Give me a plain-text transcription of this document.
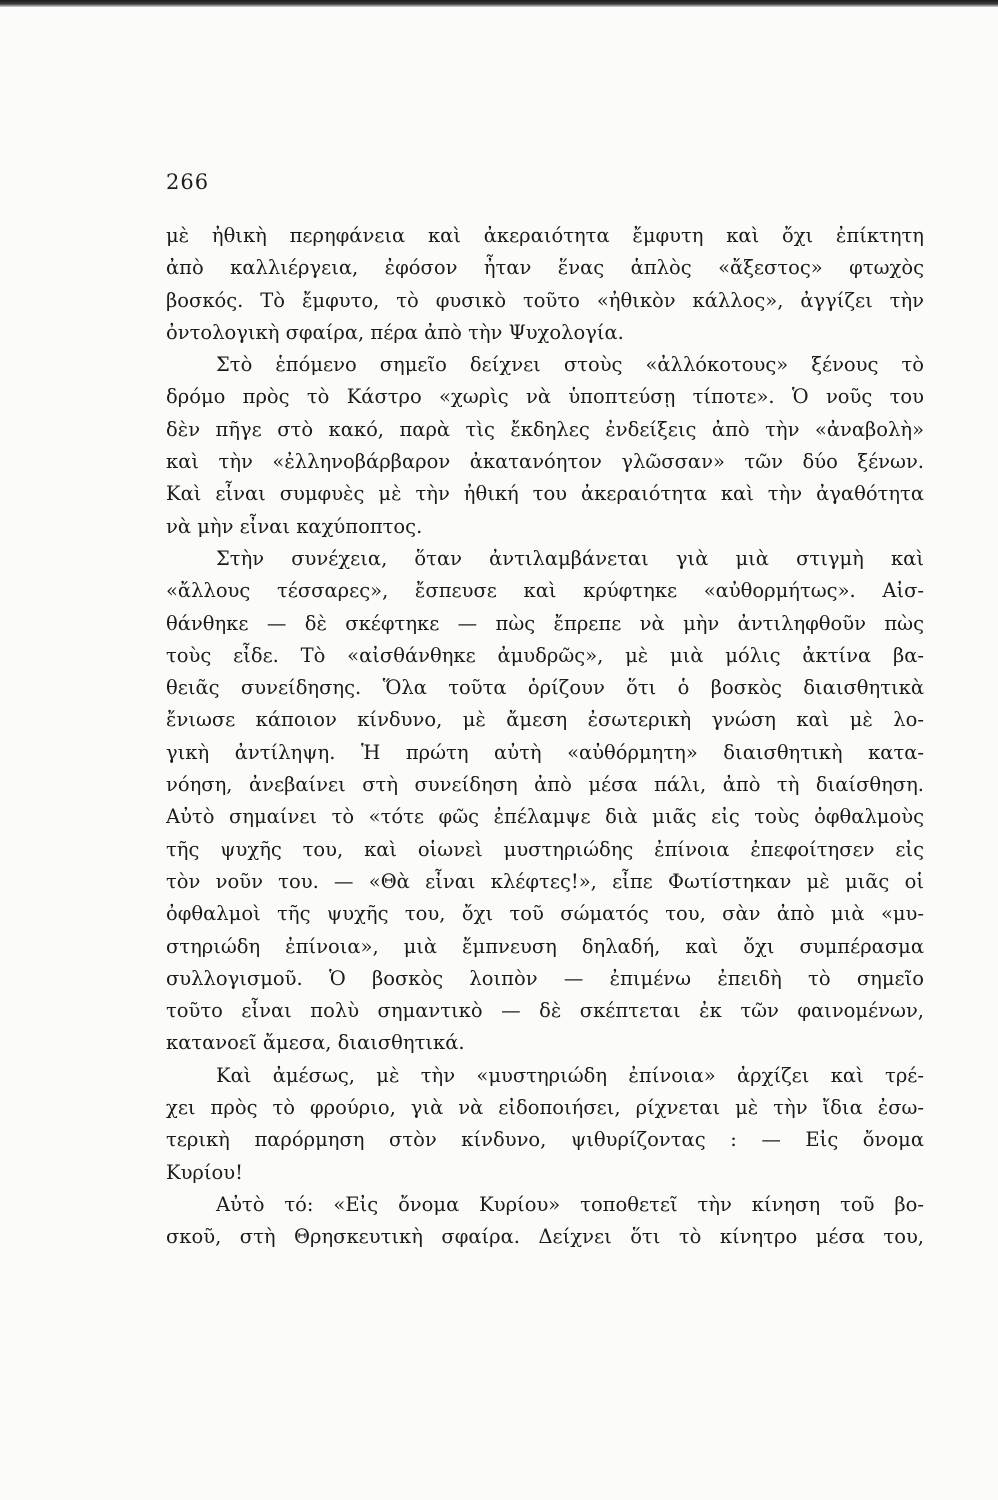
266
μὲ ἠθικὴ περηφάνεια καὶ ἀκεραιότητα ἔμφυτη καὶ ὄχι ἐπίκτητη
ἀπὸ καλλιέργεια, ἐφόσον ἦταν ἕνας ἁπλὸς «ἄξεστος» φτωχὸς
βοσκός. Τὸ ἔμφυτο, τὸ φυσικὸ τοῦτο «ἠθικὸν κάλλος», ἀγγίζει τὴν
ὀντολογικὴ σφαίρα, πέρα ἀπὸ τὴν Ψυχολογία.
Στὸ ἑπόμενο σημεῖο δείχνει στοὺς «ἀλλόκοτους» ξένους τὸ
δρόμο πρὸς τὸ Κάστρο «χωρὶς νὰ ὑποπτεύσῃ τίποτε». Ὁ νοῦς του
δὲν πῆγε στὸ κακό, παρὰ τὶς ἔκδηλες ἐνδείξεις ἀπὸ τὴν «ἀναβολὴ»
καὶ τὴν «ἐλληνοβάρβαρον ἀκατανόητον γλῶσσαν» τῶν δύο ξένων.
Καὶ εἶναι συμφυὲς μὲ τὴν ἠθική του ἀκεραιότητα καὶ τὴν ἀγαθότητα
νὰ μὴν εἶναι καχύποπτος.
Στὴν συνέχεια, ὅταν ἀντιλαμβάνεται γιὰ μιὰ στιγμὴ καὶ
«ἄλλους τέσσαρες», ἔσπευσε καὶ κρύφτηκε «αὐθορμήτως». Αἰσ-
θάνθηκε — δὲ σκέφτηκε — πὼς ἔπρεπε νὰ μὴν ἀντιληφθοῦν πὼς
τοὺς εἶδε. Τὸ «αἰσθάνθηκε ἀμυδρῶς», μὲ μιὰ μόλις ἀκτίνα βα-
θειᾶς συνείδησης. Ὅλα τοῦτα ὁρίζουν ὅτι ὁ βοσκὸς διαισθητικὰ
ἔνιωσε κάποιον κίνδυνο, μὲ ἄμεση ἐσωτερικὴ γνώση καὶ μὲ λο-
γικὴ ἀντίληψη. Ἡ πρώτη αὐτὴ «αὐθόρμητη» διαισθητικὴ κατα-
νόηση, ἀνεβαίνει στὴ συνείδηση ἀπὸ μέσα πάλι, ἀπὸ τὴ διαίσθηση.
Αὐτὸ σημαίνει τὸ «τότε φῶς ἐπέλαμψε διὰ μιᾶς εἰς τοὺς ὀφθαλμοὺς
τῆς ψυχῆς του, καὶ οἱωνεὶ μυστηριώδης ἐπίνοια ἐπεφοίτησεν εἰς
τὸν νοῦν του. — «Θὰ εἶναι κλέφτες!», εἶπε Φωτίστηκαν μὲ μιᾶς οἱ
ὀφθαλμοὶ τῆς ψυχῆς του, ὄχι τοῦ σώματός του, σὰν ἀπὸ μιὰ «μυ-
στηριώδη ἐπίνοια», μιὰ ἔμπνευση δηλαδή, καὶ ὄχι συμπέρασμα
συλλογισμοῦ. Ὁ βοσκὸς λοιπὸν — ἐπιμένω ἐπειδὴ τὸ σημεῖο
τοῦτο εἶναι πολὺ σημαντικὸ — δὲ σκέπτεται ἐκ τῶν φαινομένων,
κατανοεῖ ἄμεσα, διαισθητικά.
Καὶ ἀμέσως, μὲ τὴν «μυστηριώδη ἐπίνοια» ἀρχίζει καὶ τρέ-
χει πρὸς τὸ φρούριο, γιὰ νὰ εἰδοποιήσει, ρίχνεται μὲ τὴν ἴδια ἐσω-
τερικὴ παρόρμηση στὸν κίνδυνο, ψιθυρίζοντας : — Εἰς ὄνομα
Κυρίου!
Αὐτὸ τό: «Εἰς ὄνομα Κυρίου» τοποθετεῖ τὴν κίνηση τοῦ βο-
σκοῦ, στὴ Θρησκευτικὴ σφαίρα. Δείχνει ὅτι τὸ κίνητρο μέσα του,
